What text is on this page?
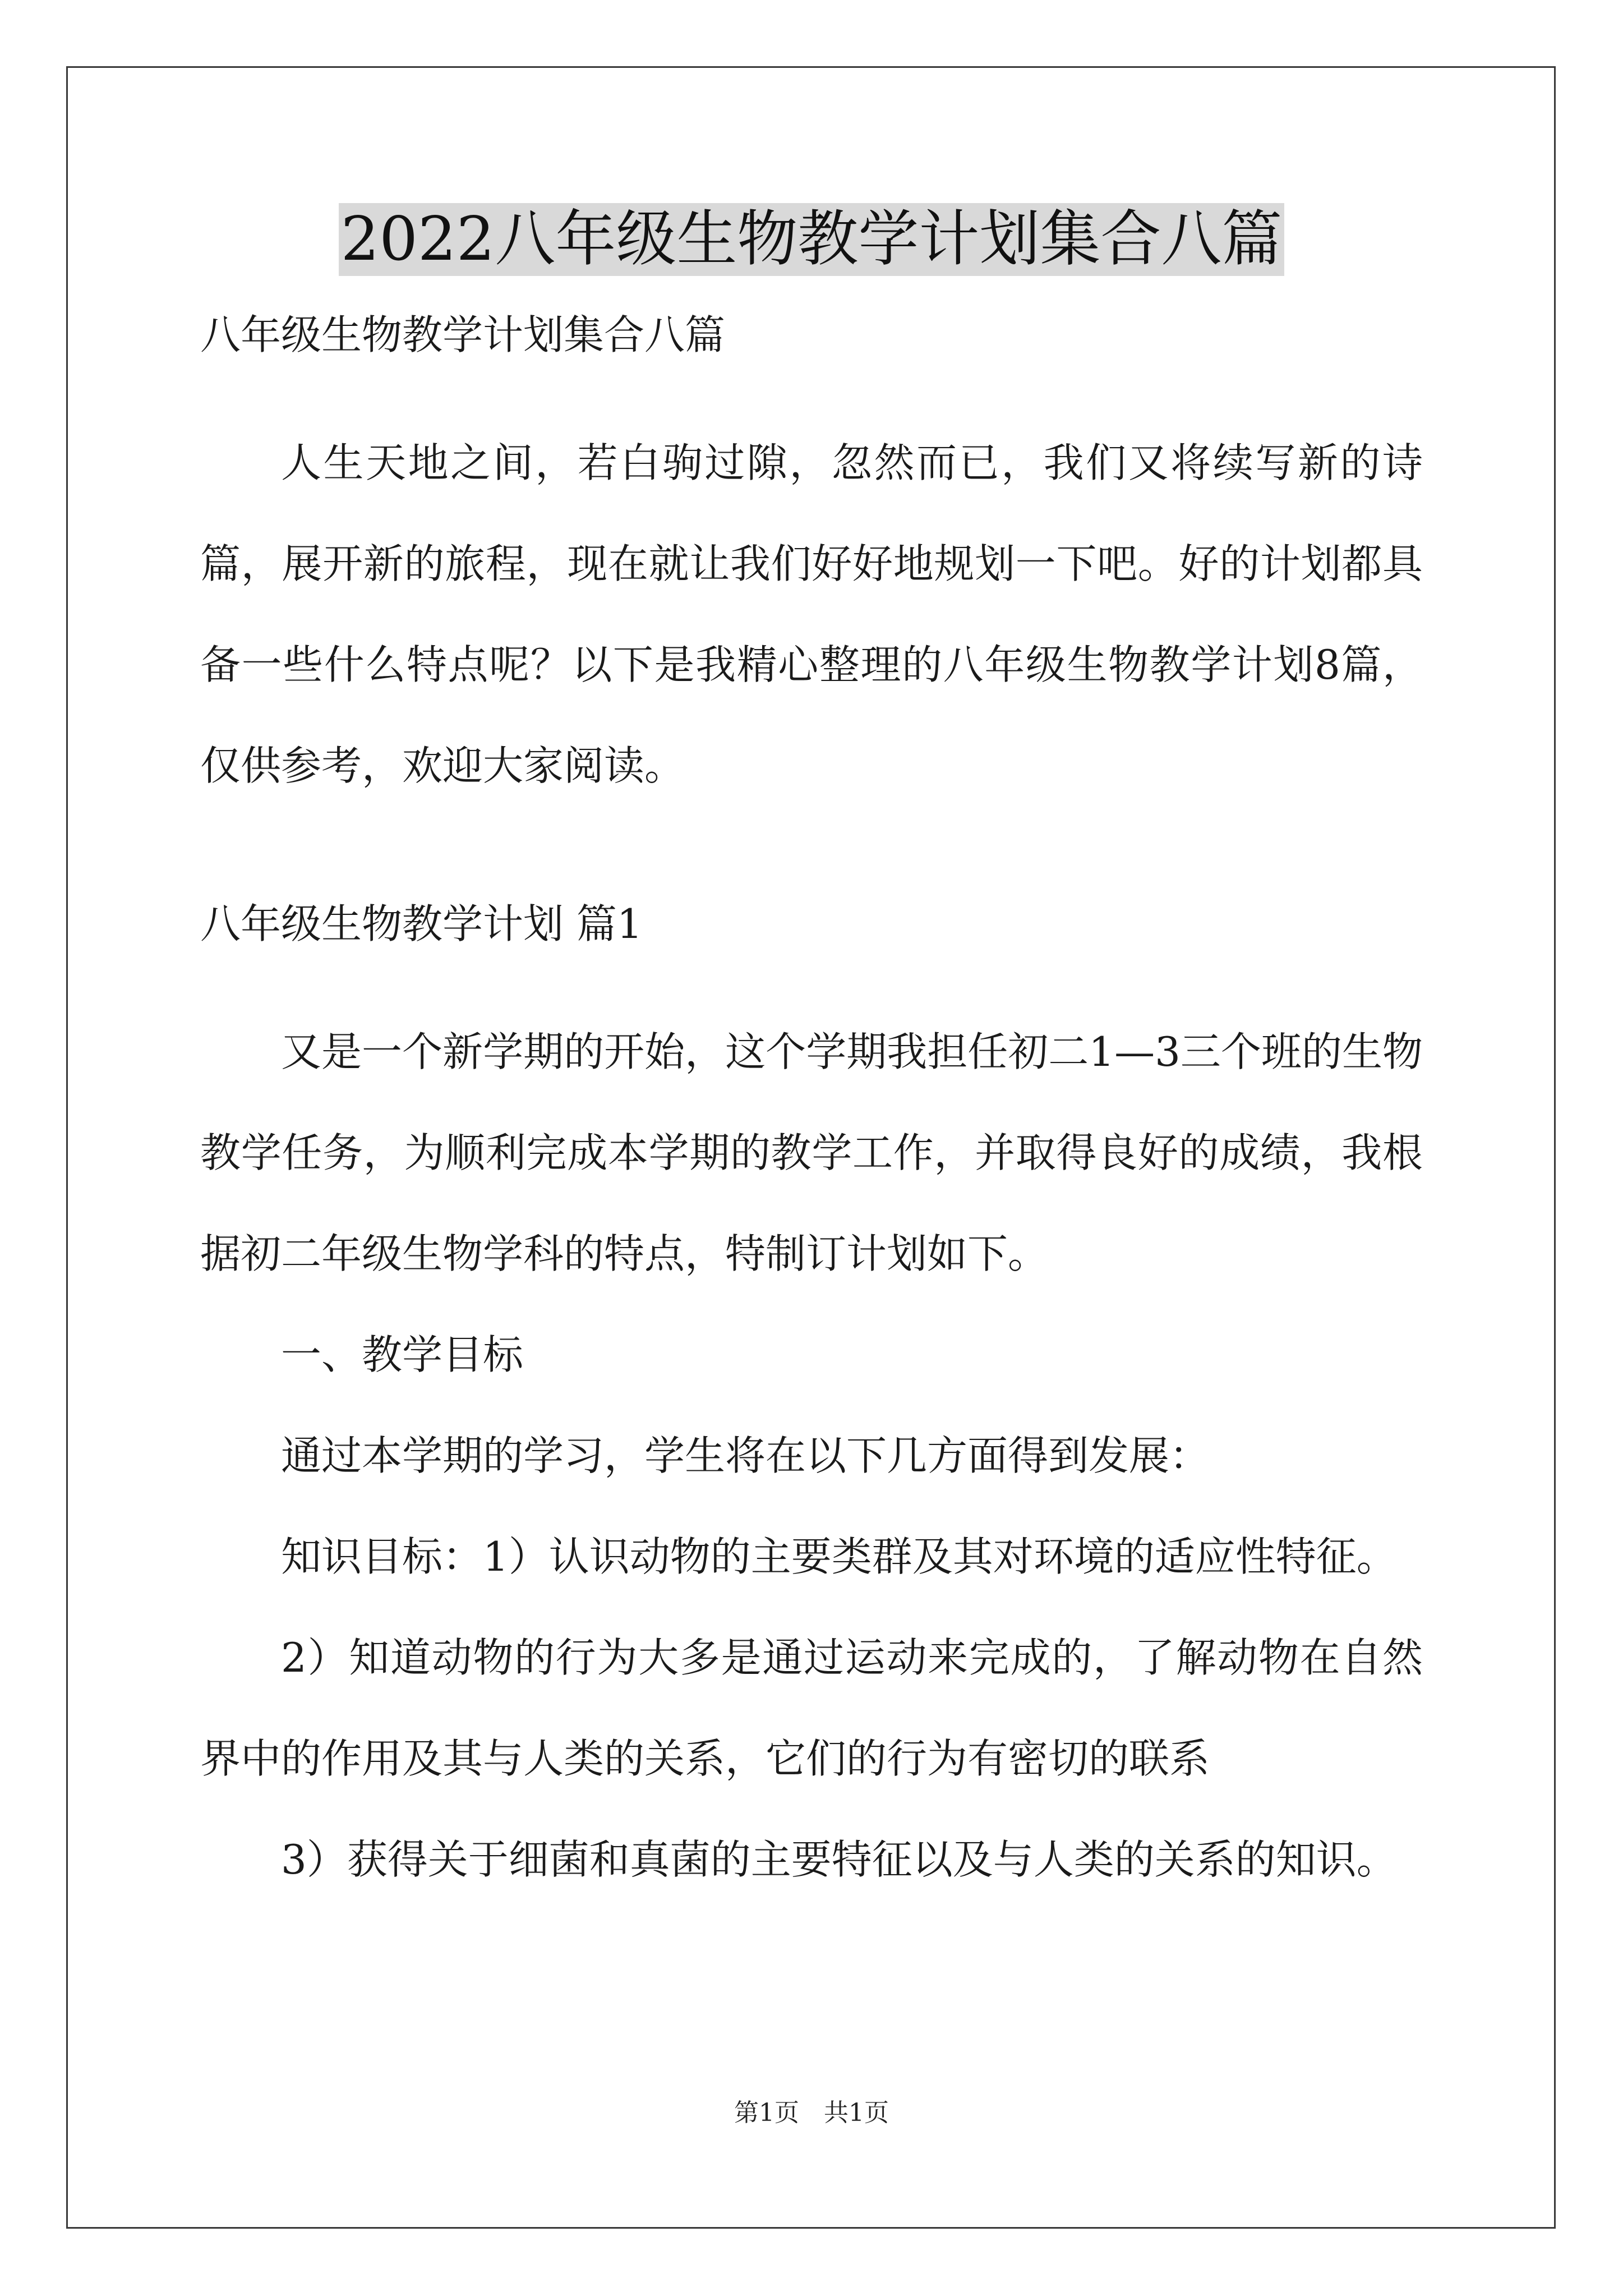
2022八年级生物教学计划集合八篇

八年级生物教学计划集合八篇

人生天地之间，若白驹过隙，忽然而已，我们又将续写新的诗篇，展开新的旅程，现在就让我们好好地规划一下吧。好的计划都具备一些什么特点呢？以下是我精心整理的八年级生物教学计划8篇，仅供参考，欢迎大家阅读。

八年级生物教学计划 篇1

又是一个新学期的开始，这个学期我担任初二1—3三个班的生物教学任务，为顺利完成本学期的教学工作，并取得良好的成绩，我根据初二年级生物学科的特点，特制订计划如下。

一、教学目标

通过本学期的学习，学生将在以下几方面得到发展：

知识目标：1）认识动物的主要类群及其对环境的适应性特征。

2）知道动物的行为大多是通过运动来完成的，了解动物在自然界中的作用及其与人类的关系，它们的行为有密切的联系

3）获得关于细菌和真菌的主要特征以及与人类的关系的知识。

第1页　共1页
